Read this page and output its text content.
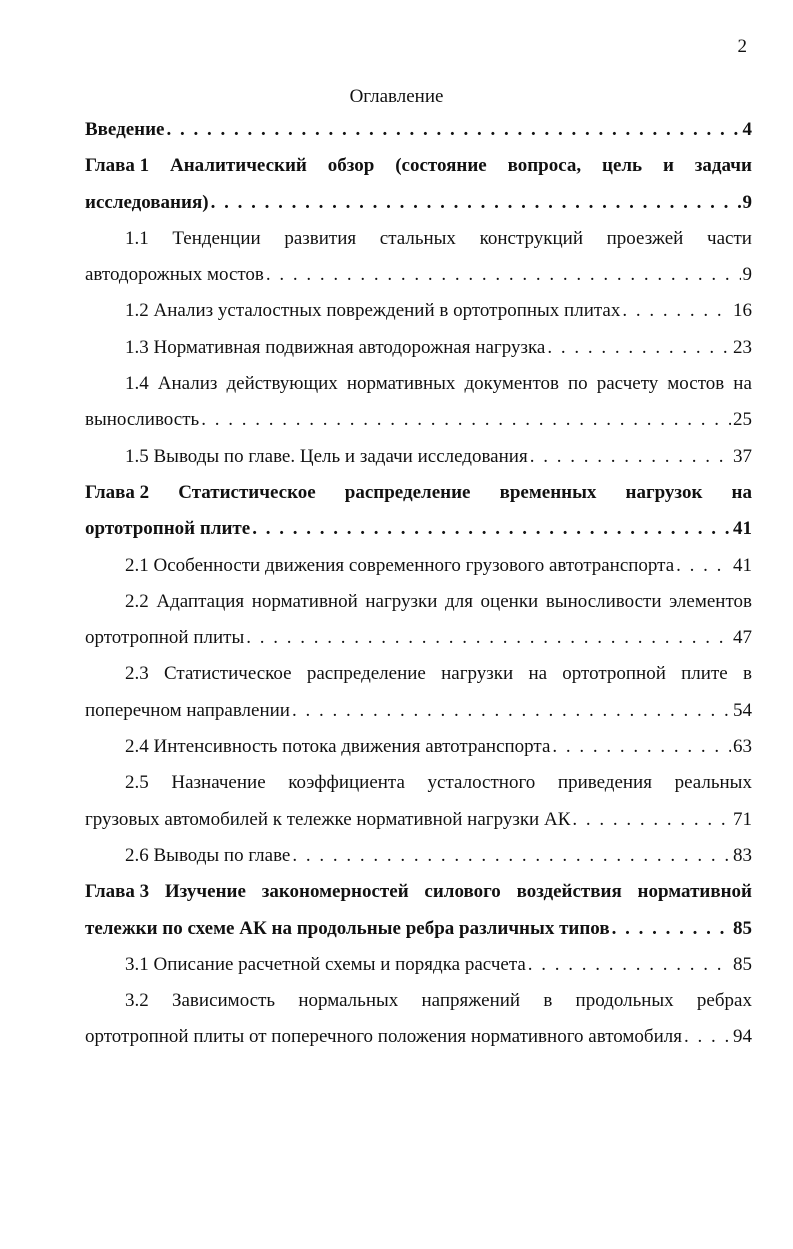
2
Оглавление
Введение . . .	4
Глава 1 Аналитический обзор (состояние вопроса, цель и задачи
исследования) . . .	9
1.1 Тенденции развития стальных конструкций проезжей части
автодорожных мостов . . .	9
1.2 Анализ усталостных повреждений в ортотропных плитах . . .	16
1.3 Нормативная подвижная автодорожная нагрузка . . .	23
1.4 Анализ действующих нормативных документов по расчету мостов на
выносливость . . .	25
1.5 Выводы по главе. Цель и задачи исследования . . .	37
Глава 2 Статистическое распределение временных нагрузок на
ортотропной плите . . .	41
2.1 Особенности движения современного грузового автотранспорта . . .	41
2.2 Адаптация нормативной нагрузки для оценки выносливости элементов
ортотропной плиты . . .	47
2.3 Статистическое распределение нагрузки на ортотропной плите в
поперечном направлении . . .	54
2.4 Интенсивность потока движения автотранспорта . . .	63
2.5 Назначение коэффициента усталостного приведения реальных
грузовых автомобилей к тележке нормативной нагрузки АК . . .	71
2.6 Выводы по главе . . .	83
Глава 3 Изучение закономерностей силового воздействия нормативной
тележки по схеме АК на продольные ребра различных типов . . .	85
3.1 Описание расчетной схемы и порядка расчета . . .	85
3.2 Зависимость нормальных напряжений в продольных ребрах
ортотропной плиты от поперечного положения нормативного автомобиля . . .	94
